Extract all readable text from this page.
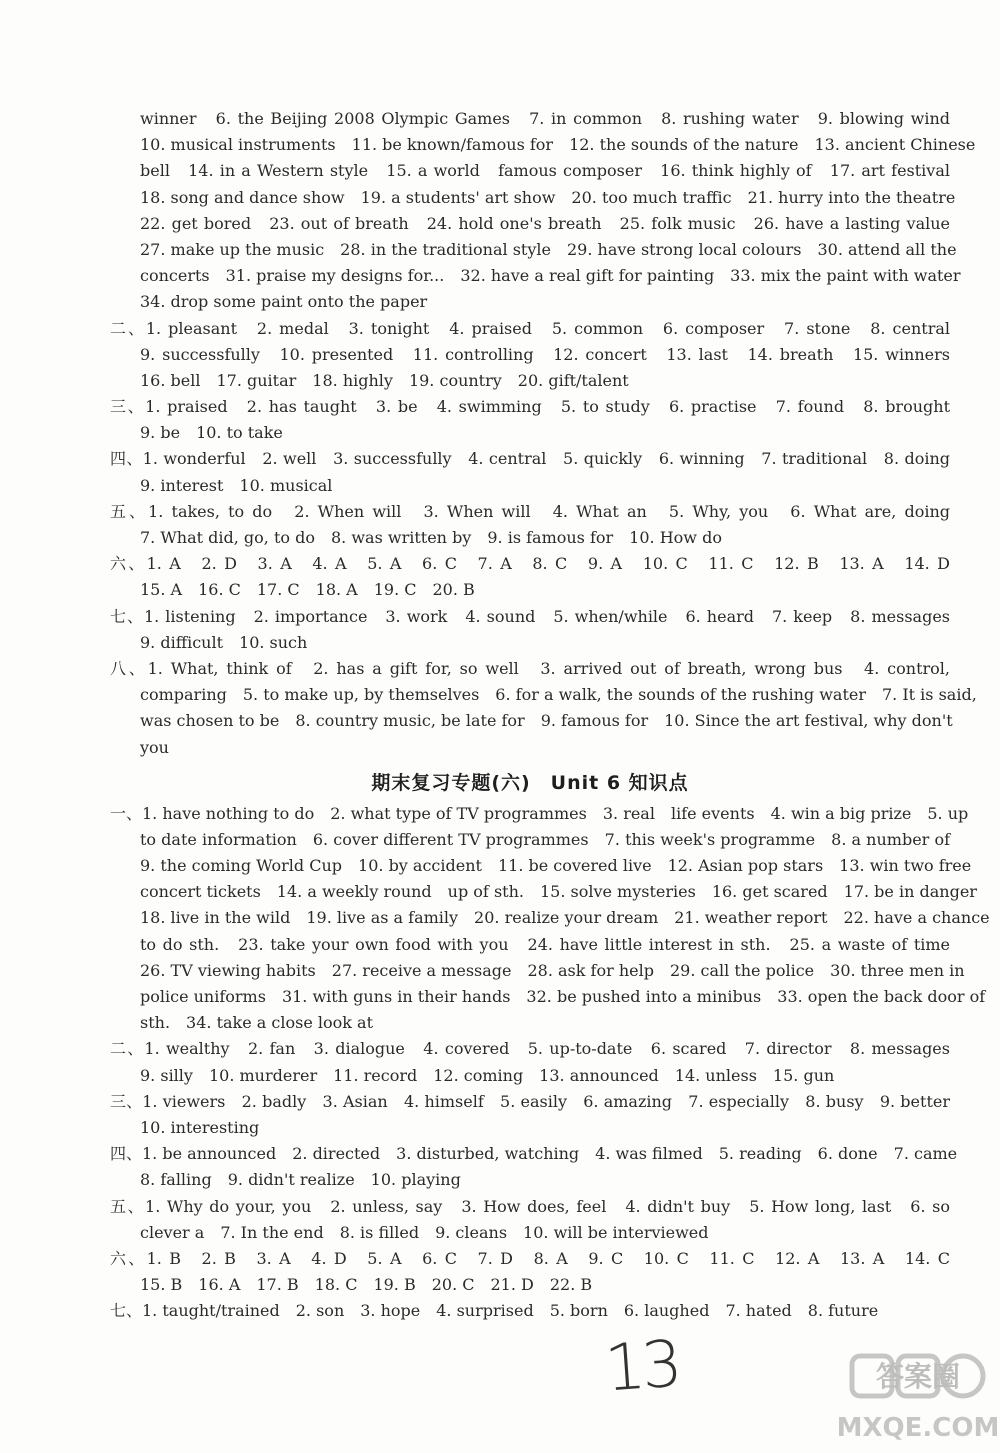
winner　6. the Beijing 2008 Olympic Games　7. in common　8. rushing water　9. blowing wind
10. musical instruments　11. be known/famous for　12. the sounds of the nature　13. ancient Chinese
bell　14. in a Western style　15. a world　famous composer　16. think highly of　17. art festival
18. song and dance show　19. a students' art show　20. too much traffic　21. hurry into the theatre
22. get bored　23. out of breath　24. hold one's breath　25. folk music　26. have a lasting value
27. make up the music　28. in the traditional style　29. have strong local colours　30. attend all the
concerts　31. praise my designs for...　32. have a real gift for painting　33. mix the paint with water
34. drop some paint onto the paper
二、1. pleasant　2. medal　3. tonight　4. praised　5. common　6. composer　7. stone　8. central
9. successfully　10. presented　11. controlling　12. concert　13. last　14. breath　15. winners
16. bell　17. guitar　18. highly　19. country　20. gift/talent
三、1. praised　2. has taught　3. be　4. swimming　5. to study　6. practise　7. found　8. brought
9. be　10. to take
四、1. wonderful　2. well　3. successfully　4. central　5. quickly　6. winning　7. traditional　8. doing
9. interest　10. musical
五、1. takes, to do　2. When will　3. When will　4. What an　5. Why, you　6. What are, doing
7. What did, go, to do　8. was written by　9. is famous for　10. How do
六、1. A　2. D　3. A　4. A　5. A　6. C　7. A　8. C　9. A　10. C　11. C　12. B　13. A　14. D
15. A　16. C　17. C　18. A　19. C　20. B
七、1. listening　2. importance　3. work　4. sound　5. when/while　6. heard　7. keep　8. messages
9. difficult　10. such
八、1. What, think of　2. has a gift for, so well　3. arrived out of breath, wrong bus　4. control,
comparing　5. to make up, by themselves　6. for a walk, the sounds of the rushing water　7. It is said,
was chosen to be　8. country music, be late for　9. famous for　10. Since the art festival, why don't
you
期末复习专题(六)　Unit 6 知识点
一、1. have nothing to do　2. what type of TV programmes　3. real　life events　4. win a big prize　5. up
to date information　6. cover different TV programmes　7. this week's programme　8. a number of
9. the coming World Cup　10. by accident　11. be covered live　12. Asian pop stars　13. win two free
concert tickets　14. a weekly round　up of sth.　15. solve mysteries　16. get scared　17. be in danger
18. live in the wild　19. live as a family　20. realize your dream　21. weather report　22. have a chance
to do sth.　23. take your own food with you　24. have little interest in sth.　25. a waste of time
26. TV viewing habits　27. receive a message　28. ask for help　29. call the police　30. three men in
police uniforms　31. with guns in their hands　32. be pushed into a minibus　33. open the back door of
sth.　34. take a close look at
二、1. wealthy　2. fan　3. dialogue　4. covered　5. up-to-date　6. scared　7. director　8. messages
9. silly　10. murderer　11. record　12. coming　13. announced　14. unless　15. gun
三、1. viewers　2. badly　3. Asian　4. himself　5. easily　6. amazing　7. especially　8. busy　9. better
10. interesting
四、1. be announced　2. directed　3. disturbed, watching　4. was filmed　5. reading　6. done　7. came
8. falling　9. didn't realize　10. playing
五、1. Why do your, you　2. unless, say　3. How does, feel　4. didn't buy　5. How long, last　6. so
clever a　7. In the end　8. is filled　9. cleans　10. will be interviewed
六、1. B　2. B　3. A　4. D　5. A　6. C　7. D　8. A　9. C　10. C　11. C　12. A　13. A　14. C
15. B　16. A　17. B　18. C　19. B　20. C　21. D　22. B
七、1. taught/trained　2. son　3. hope　4. surprised　5. born　6. laughed　7. hated　8. future
13	答案圈
MXQE.COM
